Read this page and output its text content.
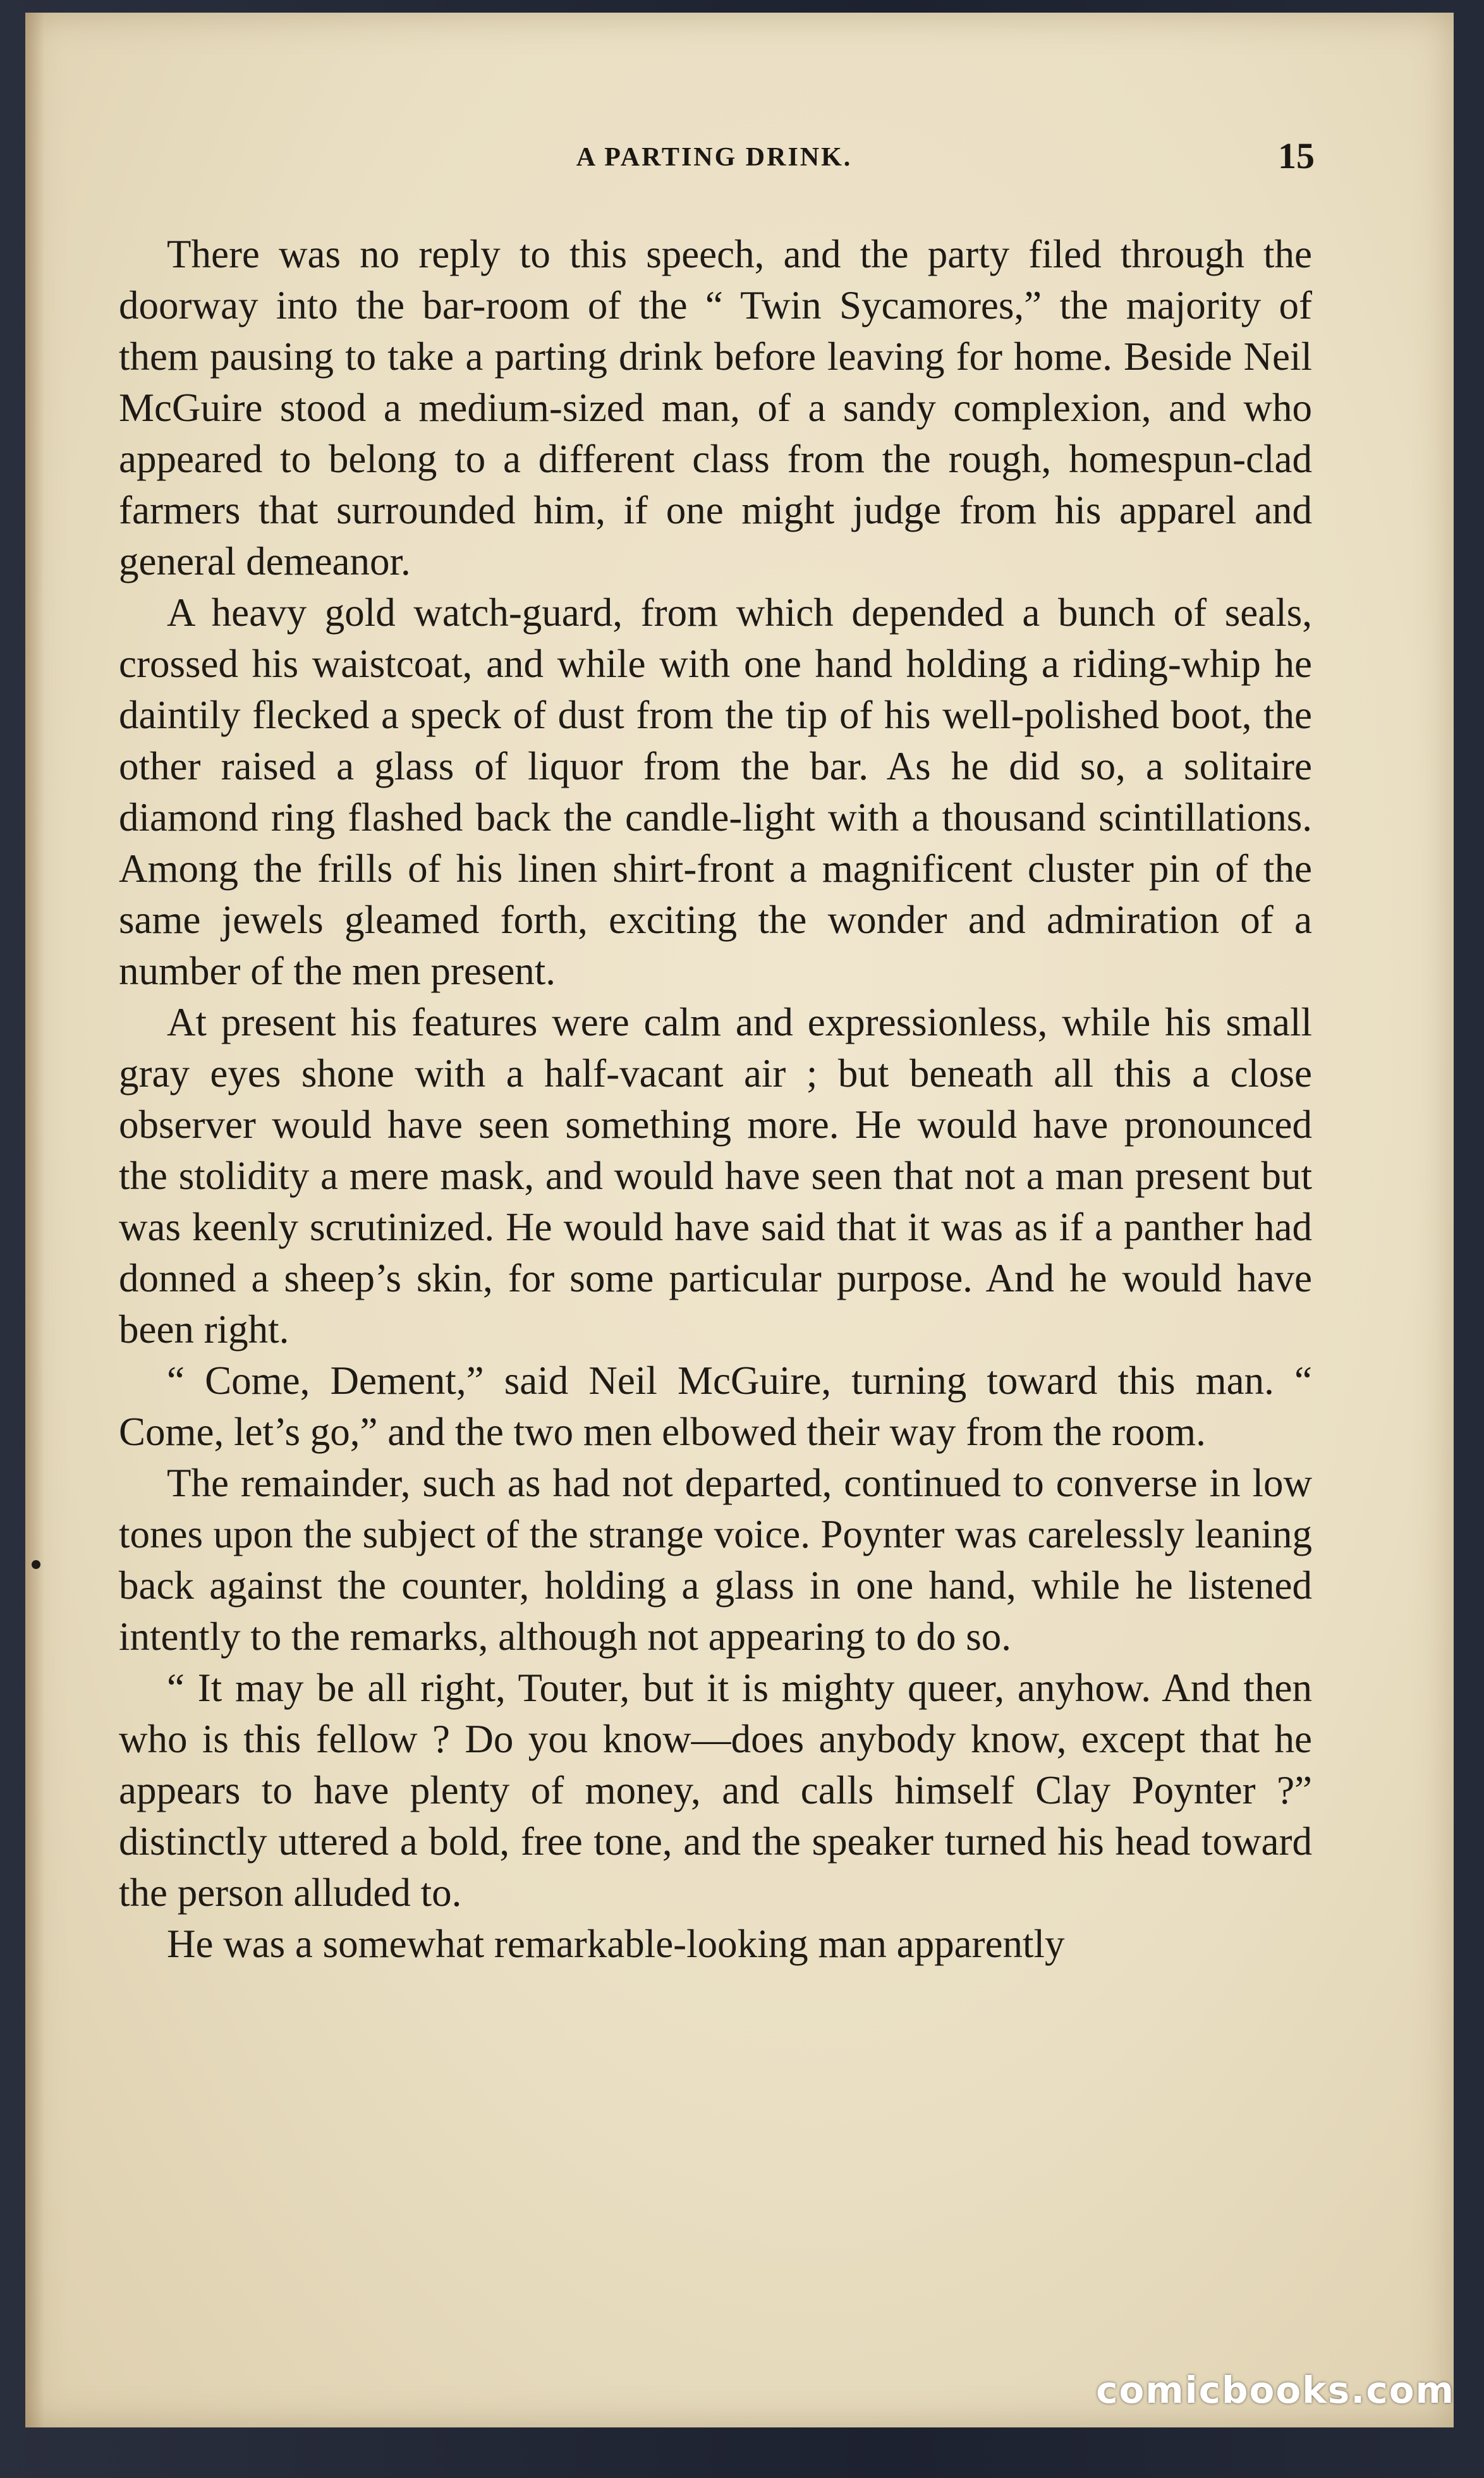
A PARTING DRINK.	15

There was no reply to this speech, and the party filed through the doorway into the bar-room of the “ Twin Sycamores,” the majority of them pausing to take a parting drink before leaving for home. Beside Neil McGuire stood a medium-sized man, of a sandy complexion, and who appeared to belong to a different class from the rough, homespun-clad farmers that surrounded him, if one might judge from his apparel and general demeanor.

A heavy gold watch-guard, from which depended a bunch of seals, crossed his waistcoat, and while with one hand holding a riding-whip he daintily flecked a speck of dust from the tip of his well-polished boot, the other raised a glass of liquor from the bar. As he did so, a solitaire diamond ring flashed back the candle-light with a thousand scintillations. Among the frills of his linen shirt-front a magnificent cluster pin of the same jewels gleamed forth, exciting the wonder and admiration of a number of the men present.

At present his features were calm and expressionless, while his small gray eyes shone with a half-vacant air ; but beneath all this a close observer would have seen something more. He would have pronounced the stolidity a mere mask, and would have seen that not a man present but was keenly scrutinized. He would have said that it was as if a panther had donned a sheep’s skin, for some particular purpose. And he would have been right.

“ Come, Dement,” said Neil McGuire, turning toward this man. “ Come, let’s go,” and the two men elbowed their way from the room.

The remainder, such as had not departed, continued to converse in low tones upon the subject of the strange voice. Poynter was carelessly leaning back against the counter, holding a glass in one hand, while he listened intently to the remarks, although not appearing to do so.

“ It may be all right, Touter, but it is mighty queer, anyhow. And then who is this fellow ? Do you know—does anybody know, except that he appears to have plenty of money, and calls himself Clay Poynter ?” distinctly uttered a bold, free tone, and the speaker turned his head toward the person alluded to.

He was a somewhat remarkable-looking man apparently

comicbooks.com
